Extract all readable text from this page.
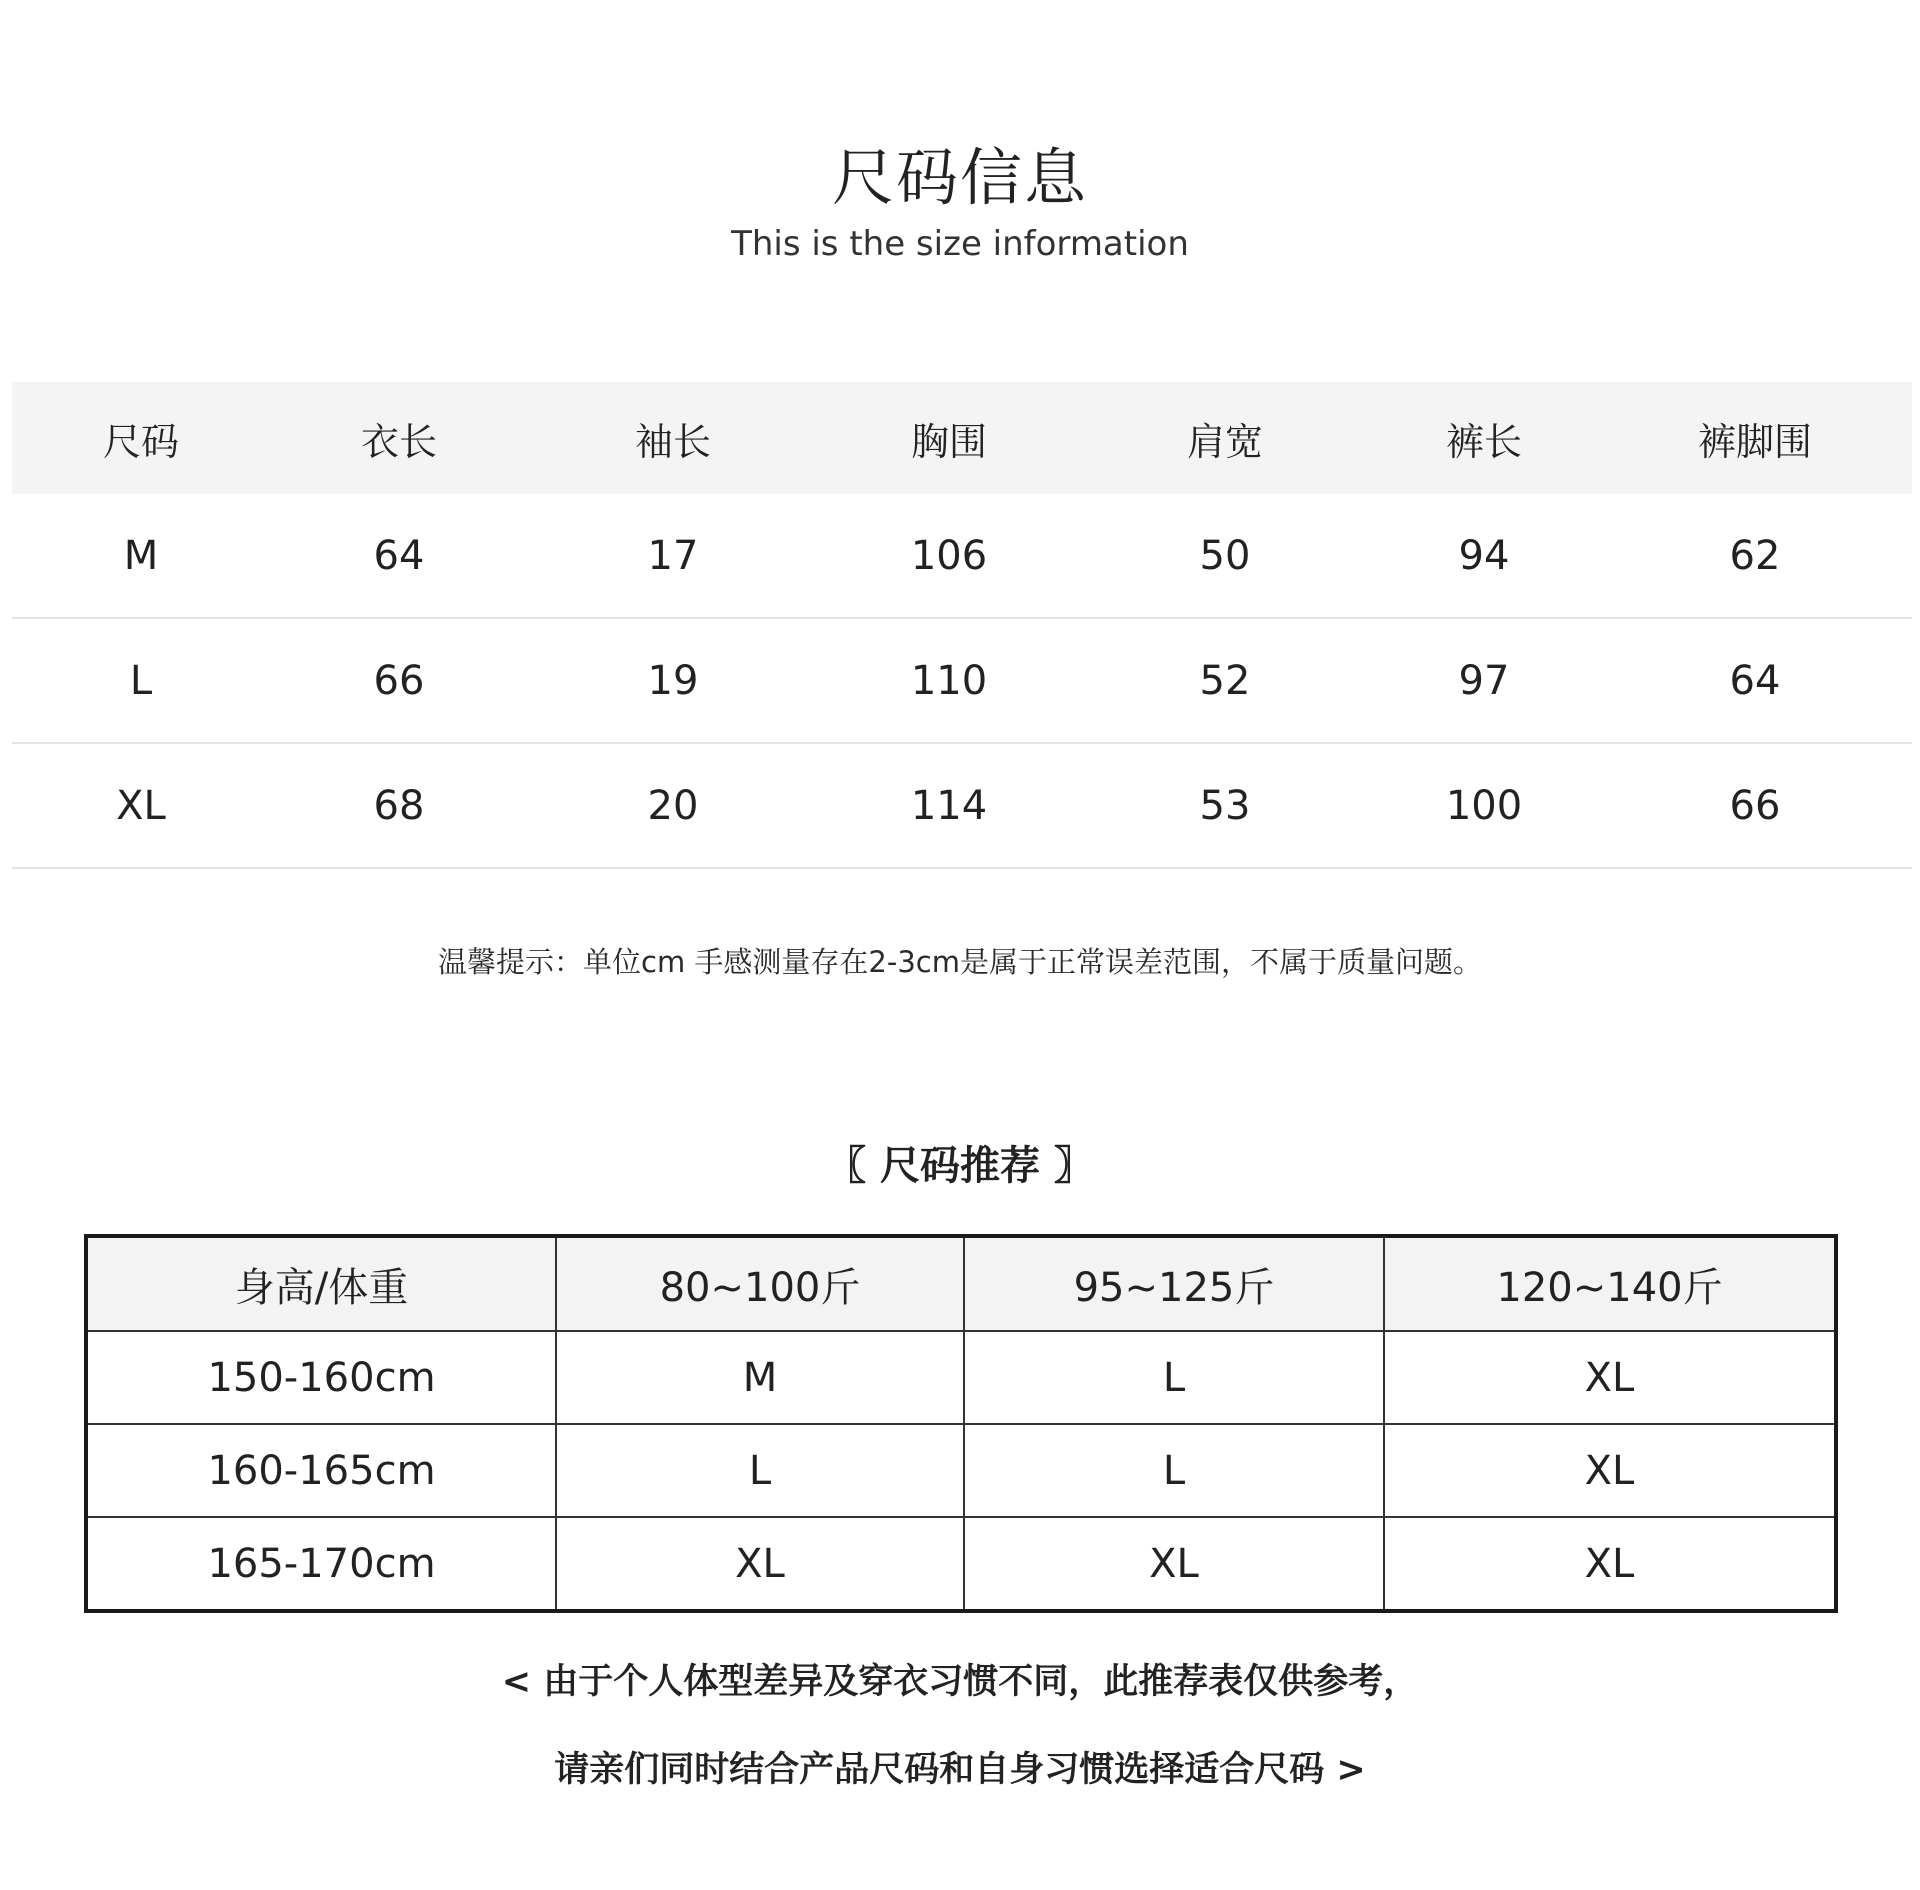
尺码信息
This is the size information
尺码	衣长	袖长	胸围	肩宽	裤长	裤脚围
M	64	17	106	50	94	62
L	66	19	110	52	97	64
XL	68	20	114	53	100	66
温馨提示：单位cm 手感测量存在2-3cm是属于正常误差范围，不属于质量问题。
〖 尺码推荐 〗
身高/体重	80~100斤	95~125斤	120~140斤
150-160cm	M	L	XL
160-165cm	L	L	XL
165-170cm	XL	XL	XL
< 由于个人体型差异及穿衣习惯不同，此推荐表仅供参考，
请亲们同时结合产品尺码和自身习惯选择适合尺码 >
